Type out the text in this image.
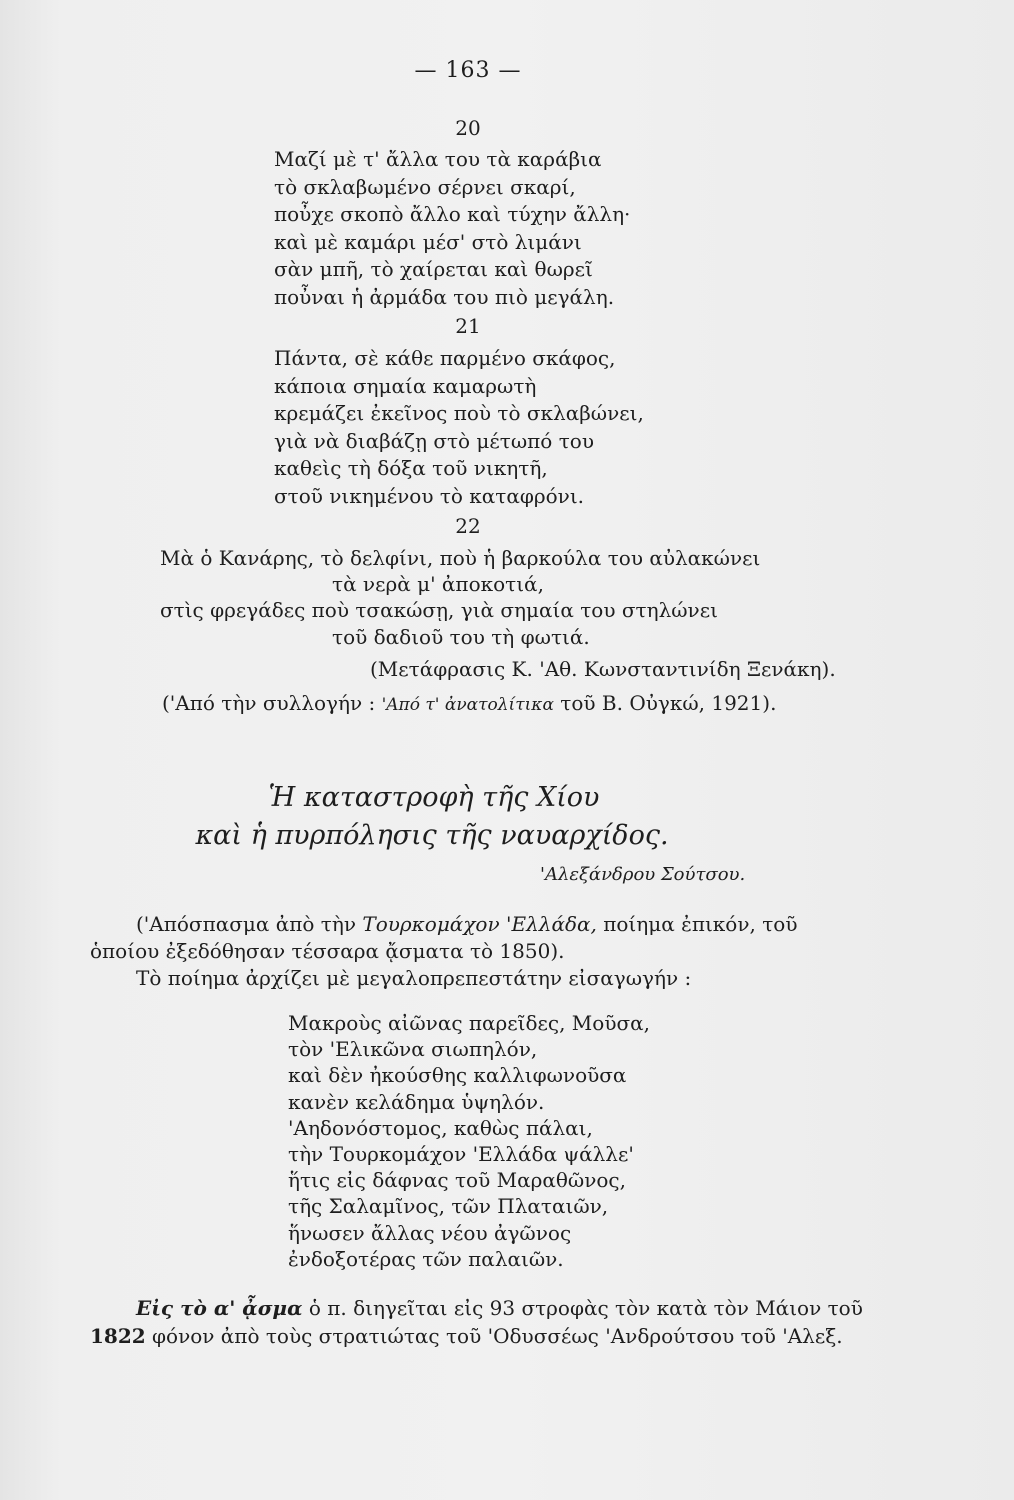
— 163 —
20
Μαζί μὲ τ' ἄλλα του τὰ καράβια
τὸ σκλαβωμένο σέρνει σκαρί,
ποὖχε σκοπὸ ἄλλο καὶ τύχην ἄλλη·
καὶ μὲ καμάρι μέσ' στὸ λιμάνι
σὰν μπῆ, τὸ χαίρεται καὶ θωρεῖ
ποὖναι ἡ ἀρμάδα του πιὸ μεγάλη.
21
Πάντα, σὲ κάθε παρμένο σκάφος,
κάποια σημαία καμαρωτὴ
κρεμάζει ἐκεῖνος ποὺ τὸ σκλαβώνει,
γιὰ νὰ διαβάζῃ στὸ μέτωπό του
καθεὶς τὴ δόξα τοῦ νικητῆ,
στοῦ νικημένου τὸ καταφρόνι.
22
Μὰ ὁ Κανάρης, τὸ δελφίνι, ποὺ ἡ βαρκούλα του αὐλακώνει
τὰ νερὰ μ' ἀποκοτιά,
στὶς φρεγάδες ποὺ τσακώσῃ, γιὰ σημαία του στηλώνει
τοῦ δαδιοῦ του τὴ φωτιά.
(Μετάφρασις Κ. 'Αθ. Κωνσταντινίδη Ξενάκη).
('Από τὴν συλλογήν : 'Από τ' ἀνατολίτικα τοῦ Β. Οὐγκώ, 1921).
Ἡ καταστροφὴ τῆς Χίου
καὶ ἡ πυρπόλησις τῆς ναυαρχίδος.
'Αλεξάνδρου Σούτσου.
('Απόσπασμα ἀπὸ τὴν Τουρκομάχον 'Ελλάδα, ποίημα ἐπικόν, τοῦ
ὁποίου ἐξεδόθησαν τέσσαρα ᾄσματα τὸ 1850).
Τὸ ποίημα ἀρχίζει μὲ μεγαλοπρεπεστάτην εἰσαγωγήν :
Μακροὺς αἰῶνας παρεῖδες, Μοῦσα,
τὸν 'Ελικῶνα σιωπηλόν,
καὶ δὲν ἠκούσθης καλλιφωνοῦσα
κανὲν κελάδημα ὑψηλόν.
'Αηδονόστομος, καθὼς πάλαι,
τὴν Τουρκομάχον 'Ελλάδα ψάλλε'
ἥτις εἰς δάφνας τοῦ Μαραθῶνος,
τῆς Σαλαμῖνος, τῶν Πλαταιῶν,
ἥνωσεν ἄλλας νέου ἀγῶνος
ἐνδοξοτέρας τῶν παλαιῶν.
Εἰς τὸ α' ᾆσμα ὁ π. διηγεῖται εἰς 93 στροφὰς τὸν κατὰ τὸν Μάιον τοῦ
1822 φόνον ἀπὸ τοὺς στρατιώτας τοῦ 'Οδυσσέως 'Ανδρούτσου τοῦ 'Αλεξ.
